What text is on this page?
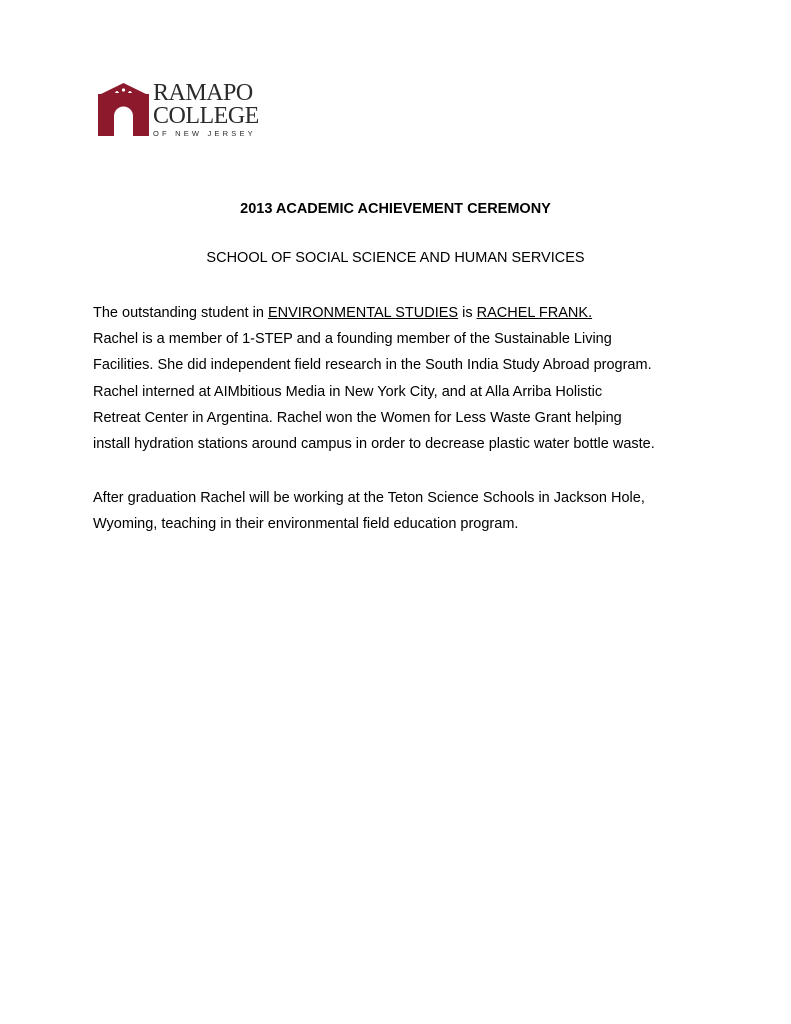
RAMAPO
COLLEGE
OF NEW JERSEY
2013 ACADEMIC ACHIEVEMENT CEREMONY
SCHOOL OF SOCIAL SCIENCE AND HUMAN SERVICES
The outstanding student in ENVIRONMENTAL STUDIES is RACHEL FRANK.
Rachel is a member of 1-STEP and a founding member of the Sustainable Living
Facilities. She did independent field research in the South India Study Abroad program.
Rachel interned at AIMbitious Media in New York City, and at Alla Arriba Holistic
Retreat Center in Argentina. Rachel won the Women for Less Waste Grant helping
install hydration stations around campus in order to decrease plastic water bottle waste.
After graduation Rachel will be working at the Teton Science Schools in Jackson Hole,
Wyoming, teaching in their environmental field education program.
